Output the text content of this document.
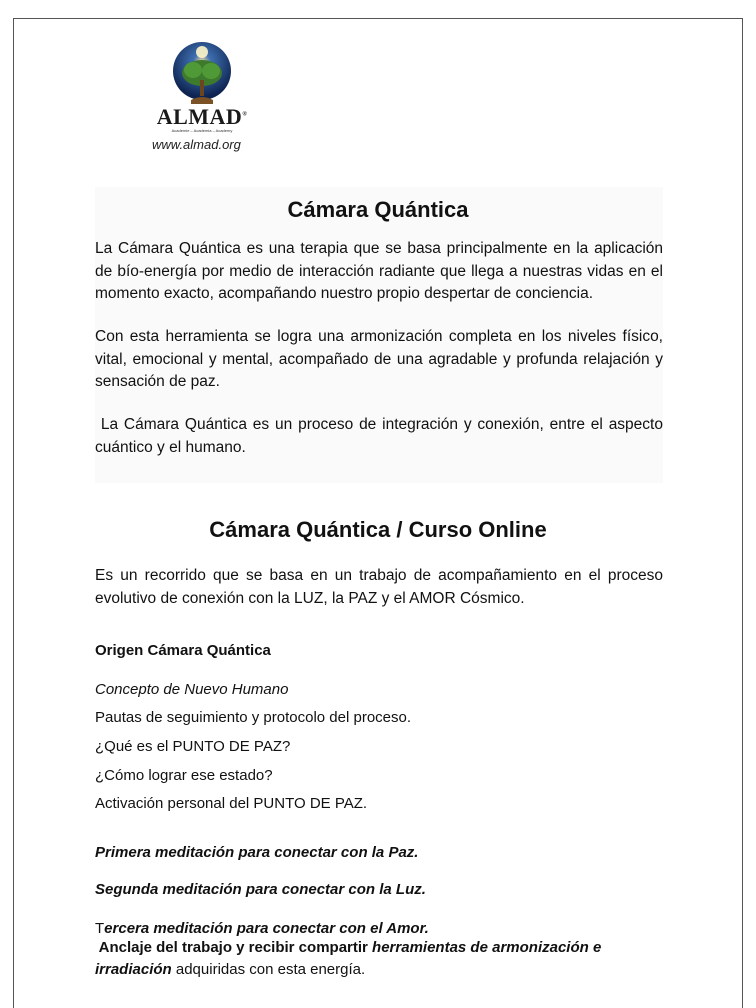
ALMAD®
Academie – Academia – Academy
www.almad.org
Cámara Quántica
La Cámara Quántica es una terapia que se basa principalmente en la aplicación de bío-energía por medio de interacción radiante que llega a nuestras vidas en el momento exacto, acompañando nuestro propio despertar de conciencia.
Con esta herramienta se logra una armonización completa en los niveles físico, vital, emocional y mental, acompañado de una agradable y profunda relajación y sensación de paz.
La Cámara Quántica es un proceso de integración y conexión, entre el aspecto cuántico y el humano.
Cámara Quántica / Curso Online
Es un recorrido que se basa en un trabajo de acompañamiento en el proceso evolutivo de conexión con la LUZ, la PAZ y el AMOR Cósmico.
Origen Cámara Quántica
Concepto de Nuevo Humano
Pautas de seguimiento y protocolo del proceso.
¿Qué es el PUNTO DE PAZ?
¿Cómo lograr ese estado?
Activación personal del PUNTO DE PAZ.
Primera meditación para conectar con la Paz.
Segunda meditación para conectar con la Luz.
Tercera meditación para conectar con el Amor.
Anclaje del trabajo y recibir compartir herramientas de armonización e
irradiación adquiridas con esta energía.
